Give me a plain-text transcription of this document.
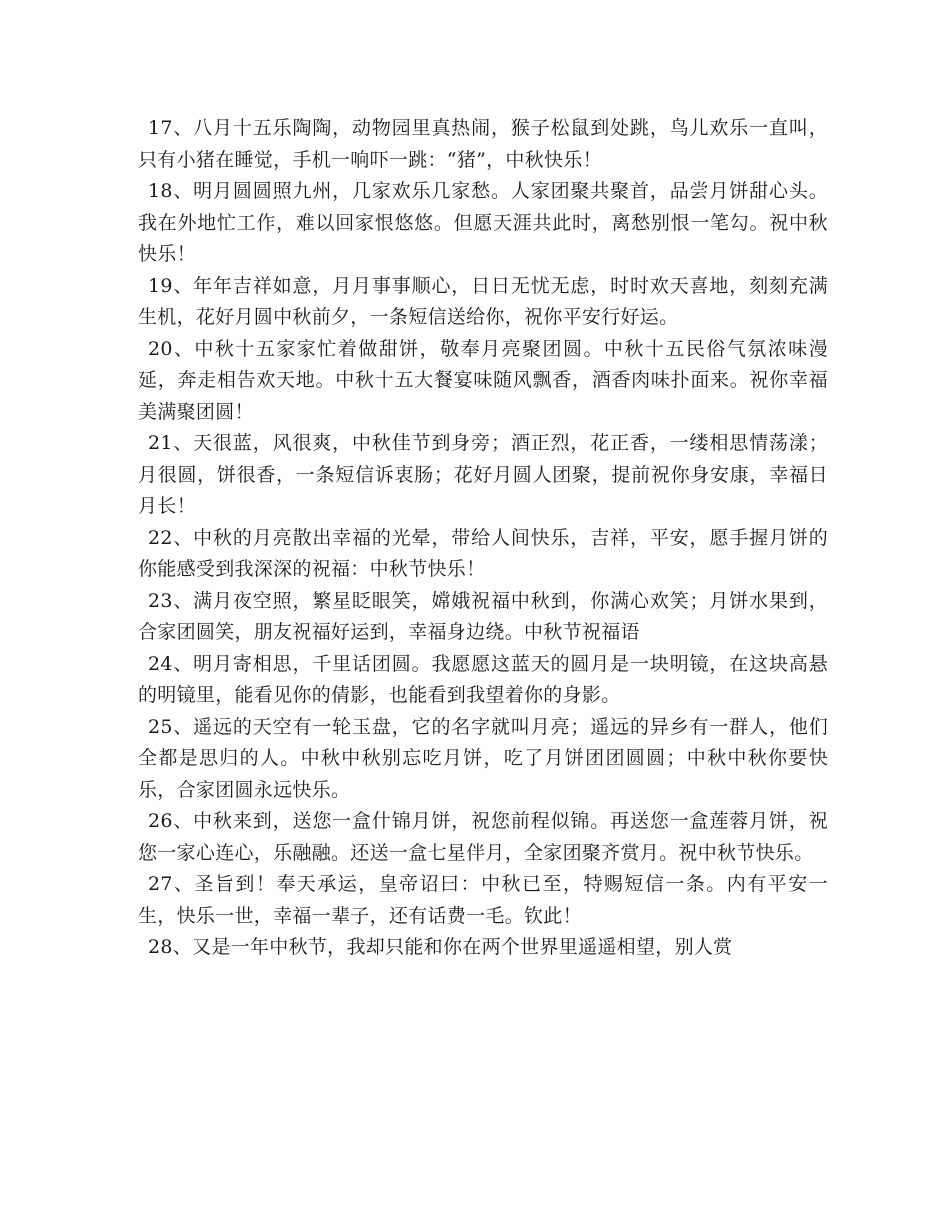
17、八月十五乐陶陶，动物园里真热闹，猴子松鼠到处跳，鸟儿欢乐一直叫，只有小猪在睡觉，手机一响吓一跳：“猪”，中秋快乐！

18、明月圆圆照九州，几家欢乐几家愁。人家团聚共聚首，品尝月饼甜心头。我在外地忙工作，难以回家恨悠悠。但愿天涯共此时，离愁别恨一笔勾。祝中秋快乐！

19、年年吉祥如意，月月事事顺心，日日无忧无虑，时时欢天喜地，刻刻充满生机，花好月圆中秋前夕，一条短信送给你，祝你平安行好运。

20、中秋十五家家忙着做甜饼，敬奉月亮聚团圆。中秋十五民俗气氛浓味漫延，奔走相告欢天地。中秋十五大餐宴味随风飘香，酒香肉味扑面来。祝你幸福美满聚团圆！

21、天很蓝，风很爽，中秋佳节到身旁；酒正烈，花正香，一缕相思情荡漾；月很圆，饼很香，一条短信诉衷肠；花好月圆人团聚，提前祝你身安康，幸福日月长！

22、中秋的月亮散出幸福的光晕，带给人间快乐，吉祥，平安，愿手握月饼的你能感受到我深深的祝福：中秋节快乐！

23、满月夜空照，繁星眨眼笑，嫦娥祝福中秋到，你满心欢笑；月饼水果到，合家团圆笑，朋友祝福好运到，幸福身边绕。中秋节祝福语

24、明月寄相思，千里话团圆。我愿愿这蓝天的圆月是一块明镜，在这块高悬的明镜里，能看见你的倩影，也能看到我望着你的身影。

25、遥远的天空有一轮玉盘，它的名字就叫月亮；遥远的异乡有一群人，他们全都是思归的人。中秋中秋别忘吃月饼，吃了月饼团团圆圆；中秋中秋你要快乐，合家团圆永远快乐。

26、中秋来到，送您一盒什锦月饼，祝您前程似锦。再送您一盒莲蓉月饼，祝您一家心连心，乐融融。还送一盒七星伴月，全家团聚齐赏月。祝中秋节快乐。

27、圣旨到！奉天承运，皇帝诏曰：中秋已至，特赐短信一条。内有平安一生，快乐一世，幸福一辈子，还有话费一毛。钦此！

28、又是一年中秋节，我却只能和你在两个世界里遥遥相望，别人赏
